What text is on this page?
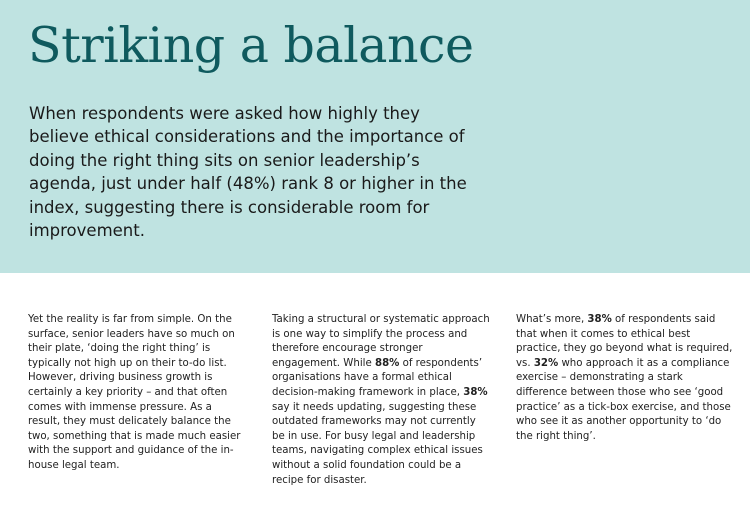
Striking a balance

When respondents were asked how highly they believe ethical considerations and the importance of doing the right thing sits on senior leadership’s agenda, just under half (48%) rank 8 or higher in the index, suggesting there is considerable room for improvement.

Yet the reality is far from simple. On the surface, senior leaders have so much on their plate, ‘doing the right thing’ is typically not high up on their to-do list. However, driving business growth is certainly a key priority – and that often comes with immense pressure. As a result, they must delicately balance the two, something that is made much easier with the support and guidance of the in-house legal team.

Taking a structural or systematic approach is one way to simplify the process and therefore encourage stronger engagement. While 88% of respondents’ organisations have a formal ethical decision-making framework in place, 38% say it needs updating, suggesting these outdated frameworks may not currently be in use. For busy legal and leadership teams, navigating complex ethical issues without a solid foundation could be a recipe for disaster.

What’s more, 38% of respondents said that when it comes to ethical best practice, they go beyond what is required, vs. 32% who approach it as a compliance exercise – demonstrating a stark difference between those who see ‘good practice’ as a tick-box exercise, and those who see it as another opportunity to ‘do the right thing’.
